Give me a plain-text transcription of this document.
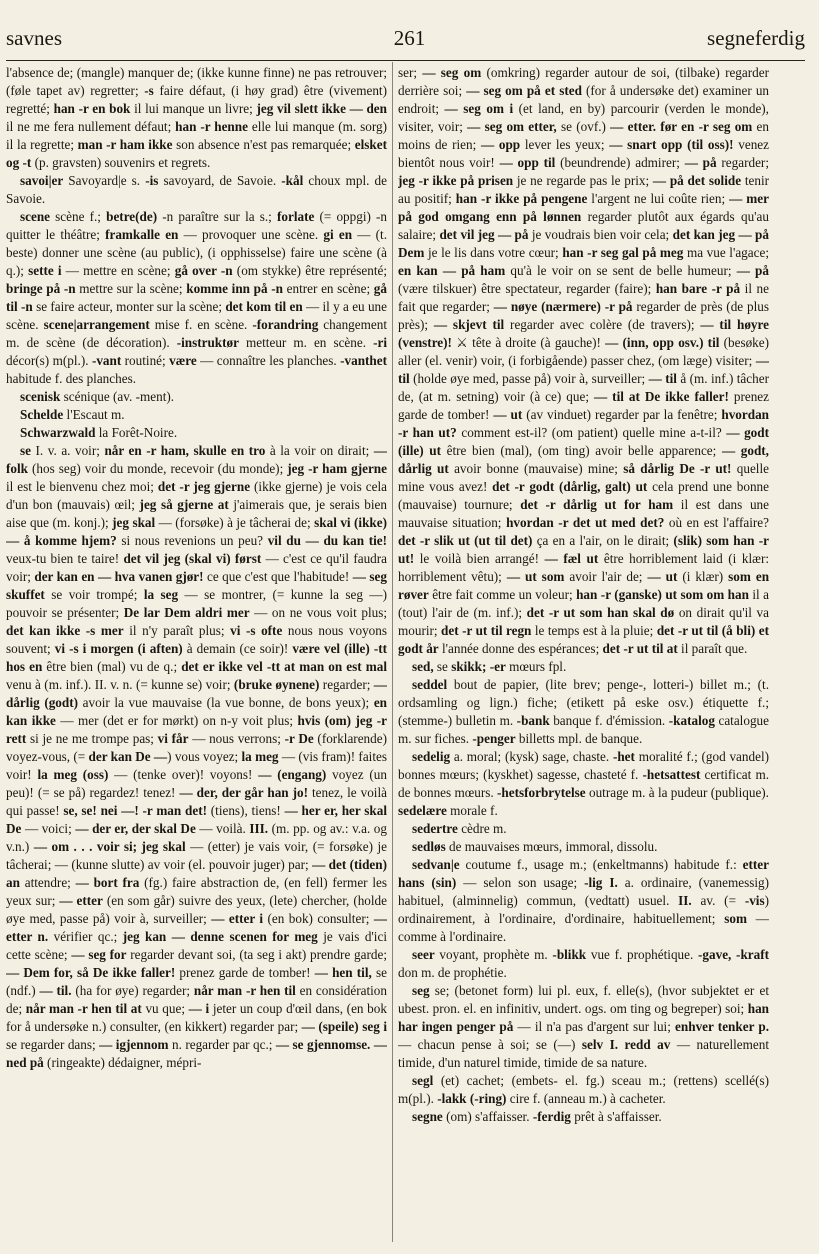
savnes	261	segneferdig

l'absence de; (mangle) manquer de; (ikke kunne finne) ne pas retrouver; (føle tapet av) regretter; -s faire défaut, (i høy grad) être (vivement) regretté; han -r en bok il lui manque un livre; jeg vil slett ikke — den il ne me fera nullement défaut; han -r henne elle lui manque (m. sorg) il la regrette; man -r ham ikke son absence n'est pas remarquée; elsket og -t (p. gravsten) souvenirs et regrets.

savoi|er Savoyard|e s. -is savoyard, de Savoie. -kål choux mpl. de Savoie.

scene scène f.; betre(de) -n paraître sur la s.; forlate (= oppgi) -n quitter le théâtre; framkalle en — provoquer une scène. gi en — (t. beste) donner une scène (au public), (i opphisselse) faire une scène (à q.); sette i — mettre en scène; gå over -n (om stykke) être représenté; bringe på -n mettre sur la scène; komme inn på -n entrer en scène; gå til -n se faire acteur, monter sur la scène; det kom til en — il y a eu une scène. scene|arrangement mise f. en scène. -forandring changement m. de scène (de décoration). -instruktør metteur m. en scène. -ri décor(s) m(pl.). -vant routiné; være — connaître les planches. -vanthet habitude f. des planches.

scenisk scénique (av. -ment).

Schelde l'Escaut m.

Schwarzwald la Forêt-Noire.

se I. v. a. voir; når en -r ham, skulle en tro à la voir on dirait; — folk (hos seg) voir du monde, recevoir (du monde); jeg -r ham gjerne il est le bienvenu chez moi; det -r jeg gjerne (ikke gjerne) je vois cela d'un bon (mauvais) œil; jeg så gjerne at j'aimerais que, je serais bien aise que (m. konj.); jeg skal — (forsøke) à je tâcherai de; skal vi (ikke) — å komme hjem? si nous revenions un peu? vil du — du kan tie! veux-tu bien te taire! det vil jeg (skal vi) først — c'est ce qu'il faudra voir; der kan en — hva vanen gjør! ce que c'est que l'habitude! — seg skuffet se voir trompé; la seg — se montrer, (= kunne la seg —) pouvoir se présenter; De lar Dem aldri mer — on ne vous voit plus; det kan ikke -s mer il n'y paraît plus; vi -s ofte nous nous voyons souvent; vi -s i morgen (i aften) à demain (ce soir)! være vel (ille) -tt hos en être bien (mal) vu de q.; det er ikke vel -tt at man on est mal venu à (m. inf.). II. v. n. (= kunne se) voir; (bruke øynene) regarder; — dårlig (godt) avoir la vue mauvaise (la vue bonne, de bons yeux); en kan ikke — mer (det er for mørkt) on n-y voit plus; hvis (om) jeg -r rett si je ne me trompe pas; vi får — nous verrons; -r De (forklarende) voyez-vous, (= der kan De —) vous voyez; la meg — (vis fram)! faites voir! la meg (oss) — (tenke over)! voyons! — (engang) voyez (un peu)! (= se på) regardez! tenez! — der, der går han jo! tenez, le voilà qui passe! se, se! nei —! -r man det! (tiens), tiens! — her er, her skal De — voici; — der er, der skal De — voilà. III. (m. pp. og av.: v.a. og v.n.) — om . . . voir si; jeg skal — (etter) je vais voir, (= forsøke) je tâcherai; — (kunne slutte) av voir (el. pouvoir juger) par; — det (tiden) an attendre; — bort fra (fg.) faire abstraction de, (en fell) fermer les yeux sur; — etter (en som går) suivre des yeux, (lete) chercher, (holde øye med, passe på) voir à, surveiller; — etter i (en bok) consulter; — etter n. vérifier qc.; jeg kan — denne scenen for meg je vais d'ici cette scène; — seg for regarder devant soi, (ta seg i akt) prendre garde; — Dem for, så De ikke faller! prenez garde de tomber! — hen til, se (ndf.) — til. (ha for øye) regarder; når man -r hen til en considération de; når man -r hen til at vu que; — i jeter un coup d'œil dans, (en bok for å undersøke n.) consulter, (en kikkert) regarder par; — (speile) seg i se regarder dans; — igjennom n. regarder par qc.; — se gjennomse. — ned på (ringeakte) dédaigner, mépri-

ser; — seg om (omkring) regarder autour de soi, (tilbake) regarder derrière soi; — seg om på et sted (for å undersøke det) examiner un endroit; — seg om i (et land, en by) parcourir (verden le monde), visiter, voir; — seg om etter, se (ovf.) — etter. før en -r seg om en moins de rien; — opp lever les yeux; — snart opp (til oss)! venez bientôt nous voir! — opp til (beundrende) admirer; — på regarder; jeg -r ikke på prisen je ne regarde pas le prix; — på det solide tenir au positif; han -r ikke på pengene l'argent ne lui coûte rien; — mer på god omgang enn på lønnen regarder plutôt aux égards qu'au salaire; det vil jeg — på je voudrais bien voir cela; det kan jeg — på Dem je le lis dans votre cœur; han -r seg gal på meg ma vue l'agace; en kan — på ham qu'à le voir on se sent de belle humeur; — på (være tilskuer) être spectateur, regarder (faire); han bare -r på il ne fait que regarder; — nøye (nærmere) -r på regarder de près (de plus près); — skjevt til regarder avec colère (de travers); — til høyre (venstre)! ⚔ tête à droite (à gauche)! — (inn, opp osv.) til (besøke) aller (el. venir) voir, (i forbigående) passer chez, (om læge) visiter; — til (holde øye med, passe på) voir à, surveiller; — til å (m. inf.) tâcher de, (at m. setning) voir (à ce) que; — til at De ikke faller! prenez garde de tomber! — ut (av vinduet) regarder par la fenêtre; hvordan -r han ut? comment est-il? (om patient) quelle mine a-t-il? — godt (ille) ut être bien (mal), (om ting) avoir belle apparence; — godt, dårlig ut avoir bonne (mauvaise) mine; så dårlig De -r ut! quelle mine vous avez! det -r godt (dårlig, galt) ut cela prend une bonne (mauvaise) tournure; det -r dårlig ut for ham il est dans une mauvaise situation; hvordan -r det ut med det? où en est l'affaire? det -r slik ut (ut til det) ça en a l'air, on le dirait; (slik) som han -r ut! le voilà bien arrangé! — fæl ut être horriblement laid (i klær: horriblement vêtu); — ut som avoir l'air de; — ut (i klær) som en røver être fait comme un voleur; han -r (ganske) ut som om han il a (tout) l'air de (m. inf.); det -r ut som han skal dø on dirait qu'il va mourir; det -r ut til regn le temps est à la pluie; det -r ut til (å bli) et godt år l'année donne des espérances; det -r ut til at il paraît que.

sed, se skikk; -er mœurs fpl.

seddel bout de papier, (lite brev; penge-, lotteri-) billet m.; (t. ordsamling og lign.) fiche; (etikett på eske osv.) étiquette f.; (stemme-) bulletin m. -bank banque f. d'émission. -katalog catalogue m. sur fiches. -penger billetts mpl. de banque.

sedelig a. moral; (kysk) sage, chaste. -het moralité f.; (god vandel) bonnes mœurs; (kyskhet) sagesse, chasteté f. -hetsattest certificat m. de bonnes mœurs. -hetsforbrytelse outrage m. à la pudeur (publique). sedelære morale f.

sedertre cèdre m.

sedløs de mauvaises mœurs, immoral, dissolu.

sedvan|e coutume f., usage m.; (enkeltmanns) habitude f.: etter hans (sin) — selon son usage; -lig I. a. ordinaire, (vanemessig) habituel, (alminnelig) commun, (vedtatt) usuel. II. av. (= -vis) ordinairement, à l'ordinaire, d'ordinaire, habituellement; som — comme à l'ordinaire.

seer voyant, prophète m. -blikk vue f. prophétique. -gave, -kraft don m. de prophétie.

seg se; (betonet form) lui pl. eux, f. elle(s), (hvor subjektet er et ubest. pron. el. en infinitiv, undert. ogs. om ting og begreper) soi; han har ingen penger på — il n'a pas d'argent sur lui; enhver tenker p. — chacun pense à soi; se (—) selv I. redd av — naturellement timide, d'un naturel timide, timide de sa nature.

segl (et) cachet; (embets- el. fg.) sceau m.; (rettens) scellé(s) m(pl.). -lakk (-ring) cire f. (anneau m.) à cacheter.

segne (om) s'affaisser. -ferdig prêt à s'affaisser.
